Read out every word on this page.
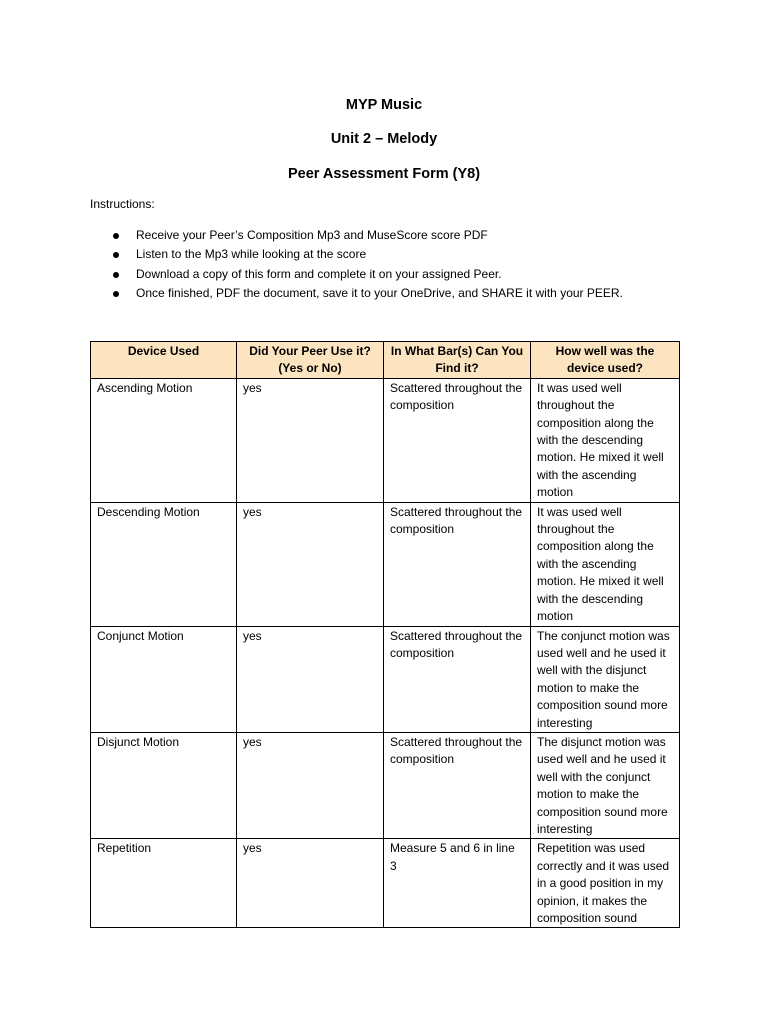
MYP Music
Unit 2 – Melody
Peer Assessment Form (Y8)
Instructions:
Receive your Peer’s Composition Mp3 and MuseScore score PDF
Listen to the Mp3 while looking at the score
Download a copy of this form and complete it on your assigned Peer.
Once finished, PDF the document, save it to your OneDrive, and SHARE it with your PEER.
Device Used	Did Your Peer Use it? (Yes or No)	In What Bar(s) Can You Find it?	How well was the device used?
Ascending Motion	yes	Scattered throughout the composition	It was used well throughout the composition along the with the descending motion. He mixed it well with the ascending motion
Descending Motion	yes	Scattered throughout the composition	It was used well throughout the composition along the with the ascending motion. He mixed it well with the descending motion
Conjunct Motion	yes	Scattered throughout the composition	The conjunct motion was used well and he used it well with the disjunct motion to make the composition sound more interesting
Disjunct Motion	yes	Scattered throughout the composition	The disjunct motion was used well and he used it well with the conjunct motion to make the composition sound more interesting
Repetition	yes	Measure 5 and 6 in line 3	Repetition was used correctly and it was used in a good position in my opinion, it makes the composition sound
